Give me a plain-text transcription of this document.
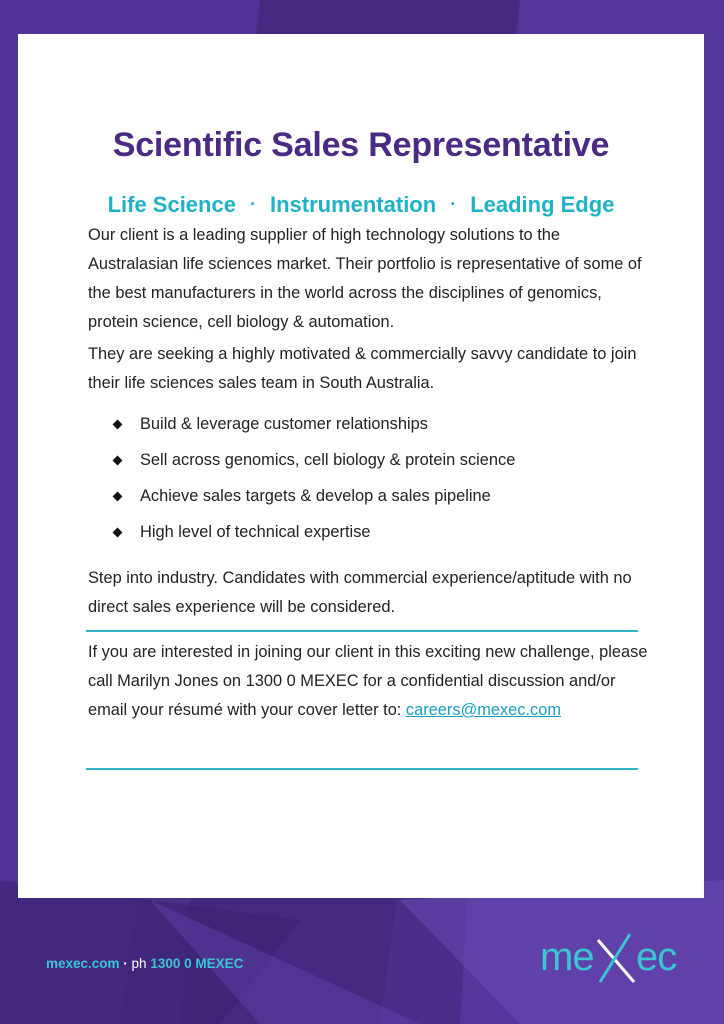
Scientific Sales Representative
Life Science · Instrumentation · Leading Edge

Our client is a leading supplier of high technology solutions to the Australasian life sciences market. Their portfolio is representative of some of the best manufacturers in the world across the disciplines of genomics, protein science, cell biology & automation.

They are seeking a highly motivated & commercially savvy candidate to join their life sciences sales team in South Australia.

Build & leverage customer relationships
Sell across genomics, cell biology & protein science
Achieve sales targets & develop a sales pipeline
High level of technical expertise

Step into industry. Candidates with commercial experience/aptitude with no direct sales experience will be considered.

If you are interested in joining our client in this exciting new challenge, please call Marilyn Jones on 1300 0 MEXEC for a confidential discussion and/or email your résumé with your cover letter to: careers@mexec.com

mexec.com · ph 1300 0 MEXEC	me ec
